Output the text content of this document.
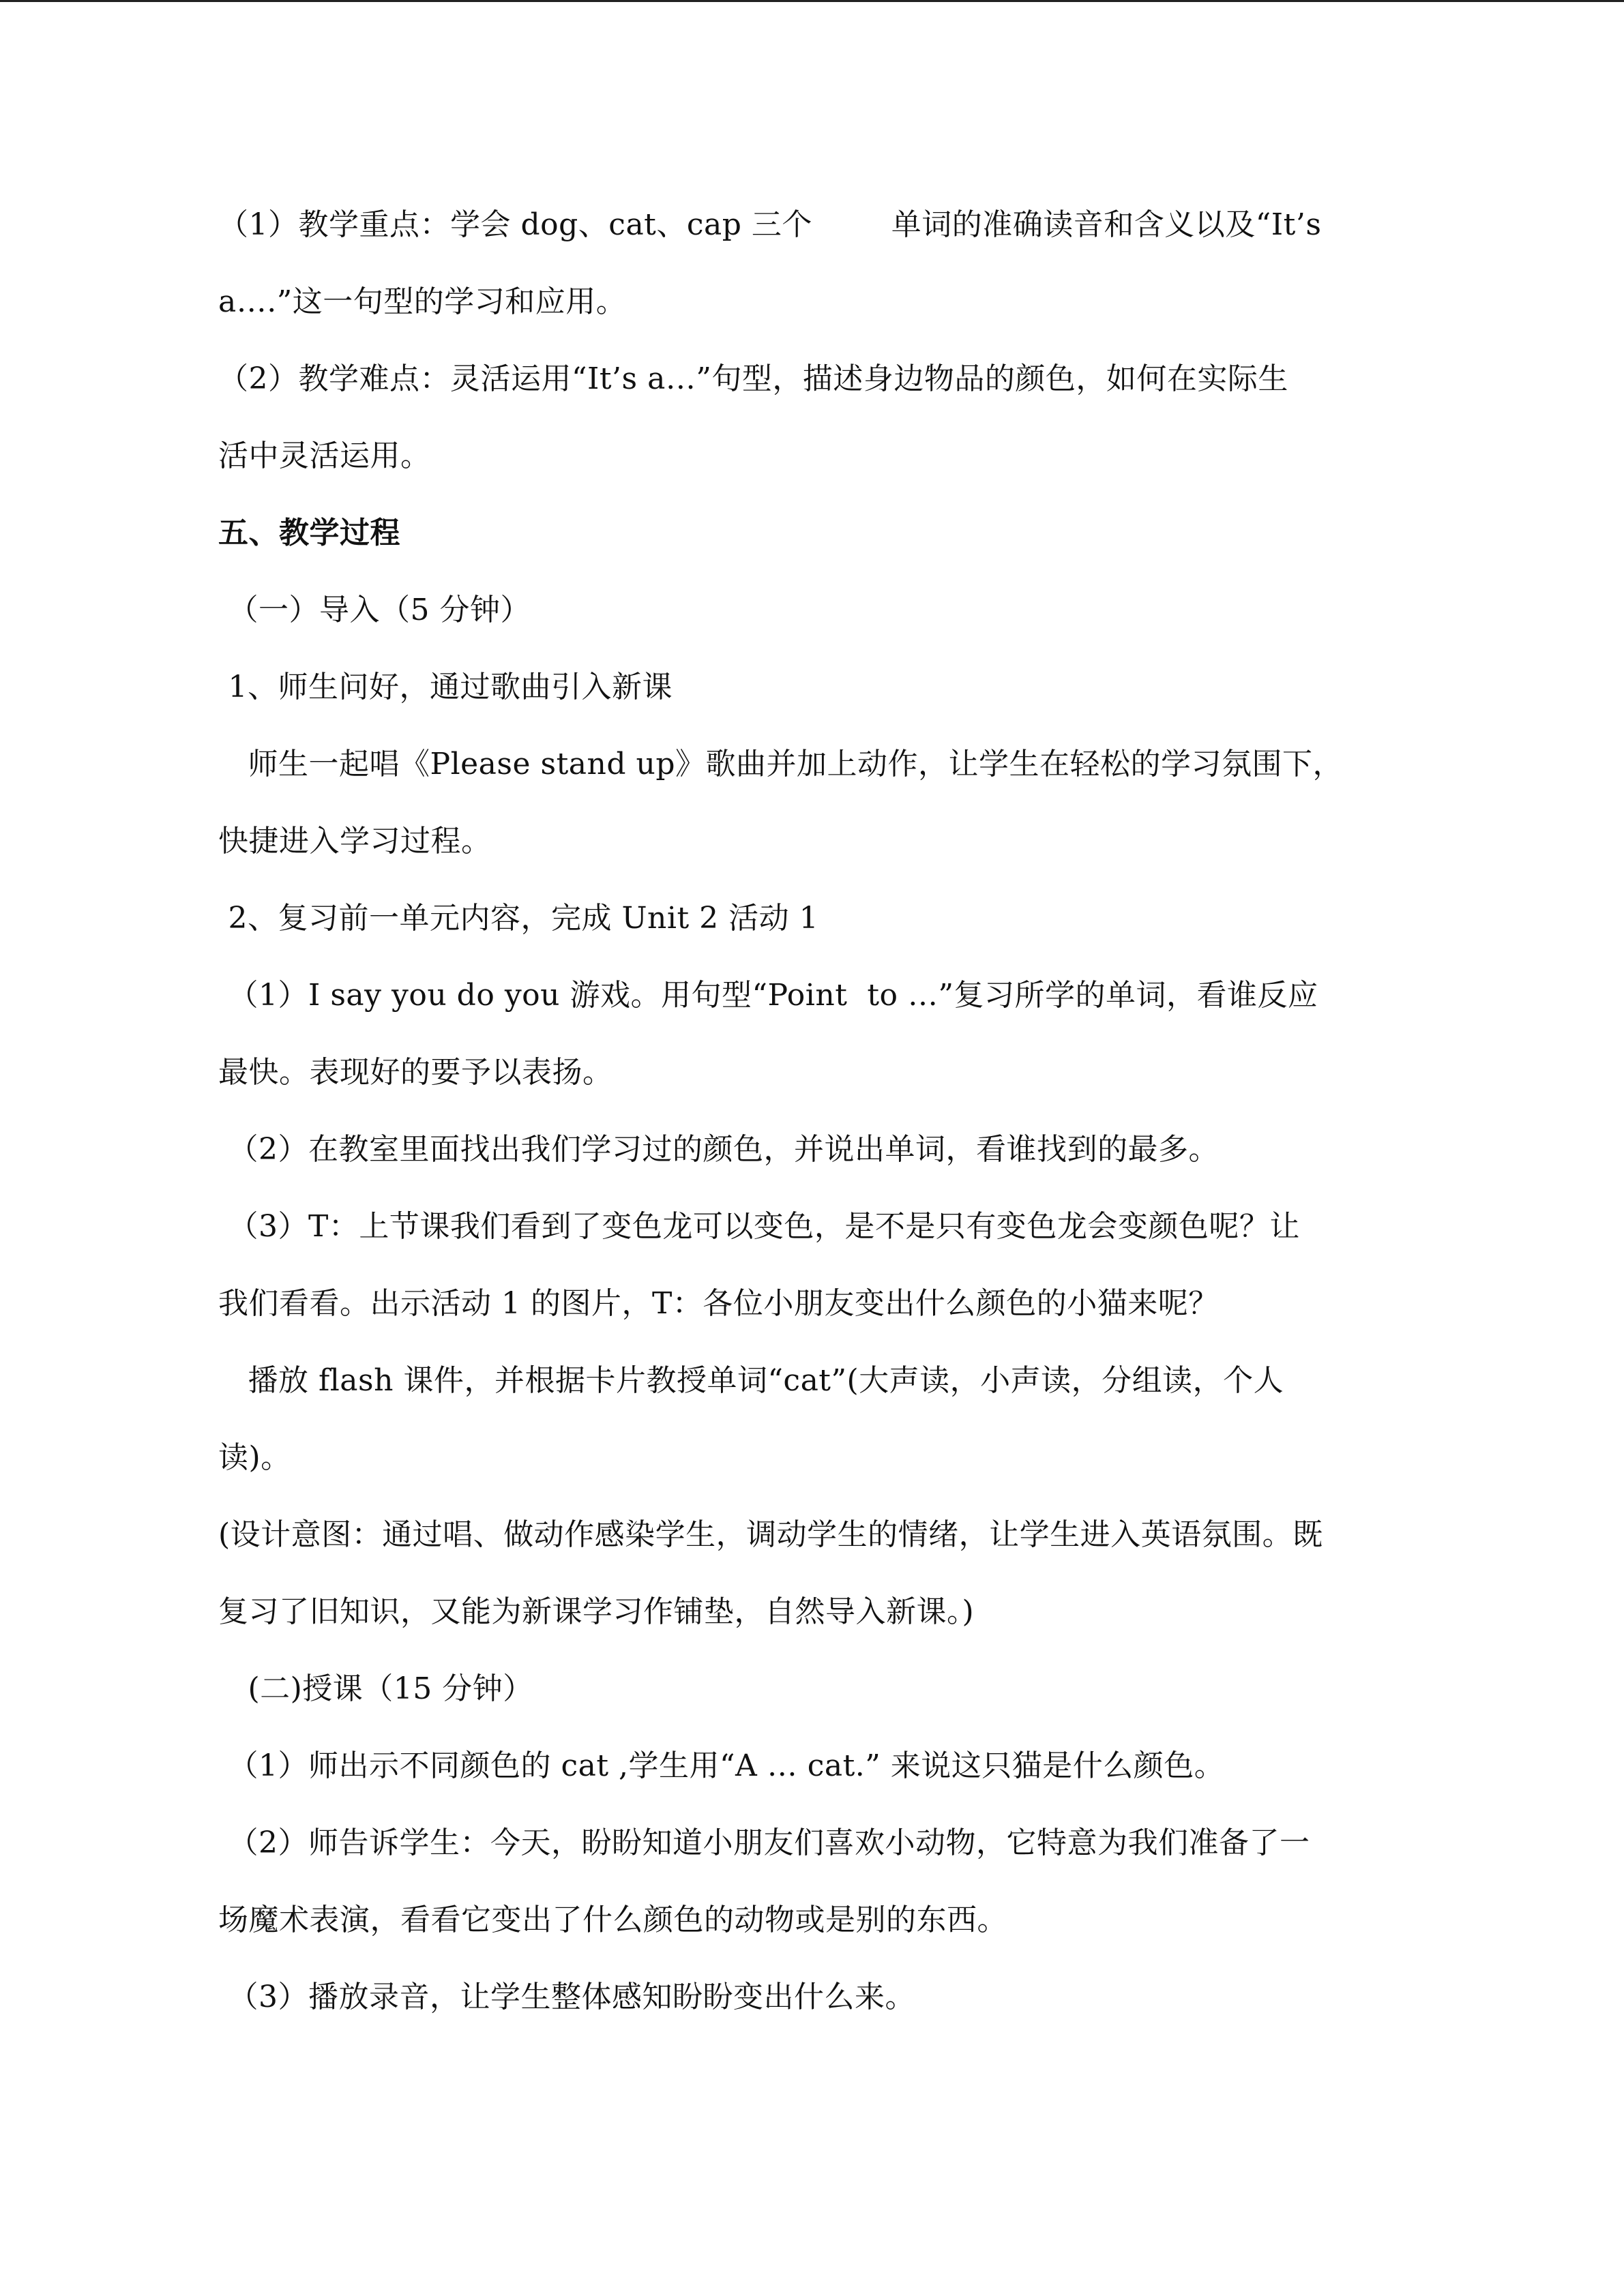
（1）教学重点：学会 dog、cat、cap 三个        单词的准确读音和含义以及“It’s
a….”这一句型的学习和应用。
（2）教学难点：灵活运用“It’s a…”句型，描述身边物品的颜色，如何在实际生
活中灵活运用。
五、教学过程
（一）导入（5 分钟）
1、师生问好，通过歌曲引入新课
师生一起唱《Please stand up》歌曲并加上动作，让学生在轻松的学习氛围下，
快捷进入学习过程。
2、复习前一单元内容，完成 Unit 2 活动 1
（1）I say you do you 游戏。用句型“Point  to …”复习所学的单词，看谁反应
最快。表现好的要予以表扬。
（2）在教室里面找出我们学习过的颜色，并说出单词，看谁找到的最多。
（3）T：上节课我们看到了变色龙可以变色，是不是只有变色龙会变颜色呢？让
我们看看。出示活动 1 的图片，T：各位小朋友变出什么颜色的小猫来呢？
播放 flash 课件，并根据卡片教授单词“cat”(大声读，小声读，分组读，个人
读)。
(设计意图：通过唱、做动作感染学生，调动学生的情绪，让学生进入英语氛围。既
复习了旧知识，又能为新课学习作铺垫，自然导入新课。)
(二)授课（15 分钟）
（1）师出示不同颜色的 cat ,学生用“A … cat.” 来说这只猫是什么颜色。
（2）师告诉学生：今天，盼盼知道小朋友们喜欢小动物，它特意为我们准备了一
场魔术表演，看看它变出了什么颜色的动物或是别的东西。
（3）播放录音，让学生整体感知盼盼变出什么来。
